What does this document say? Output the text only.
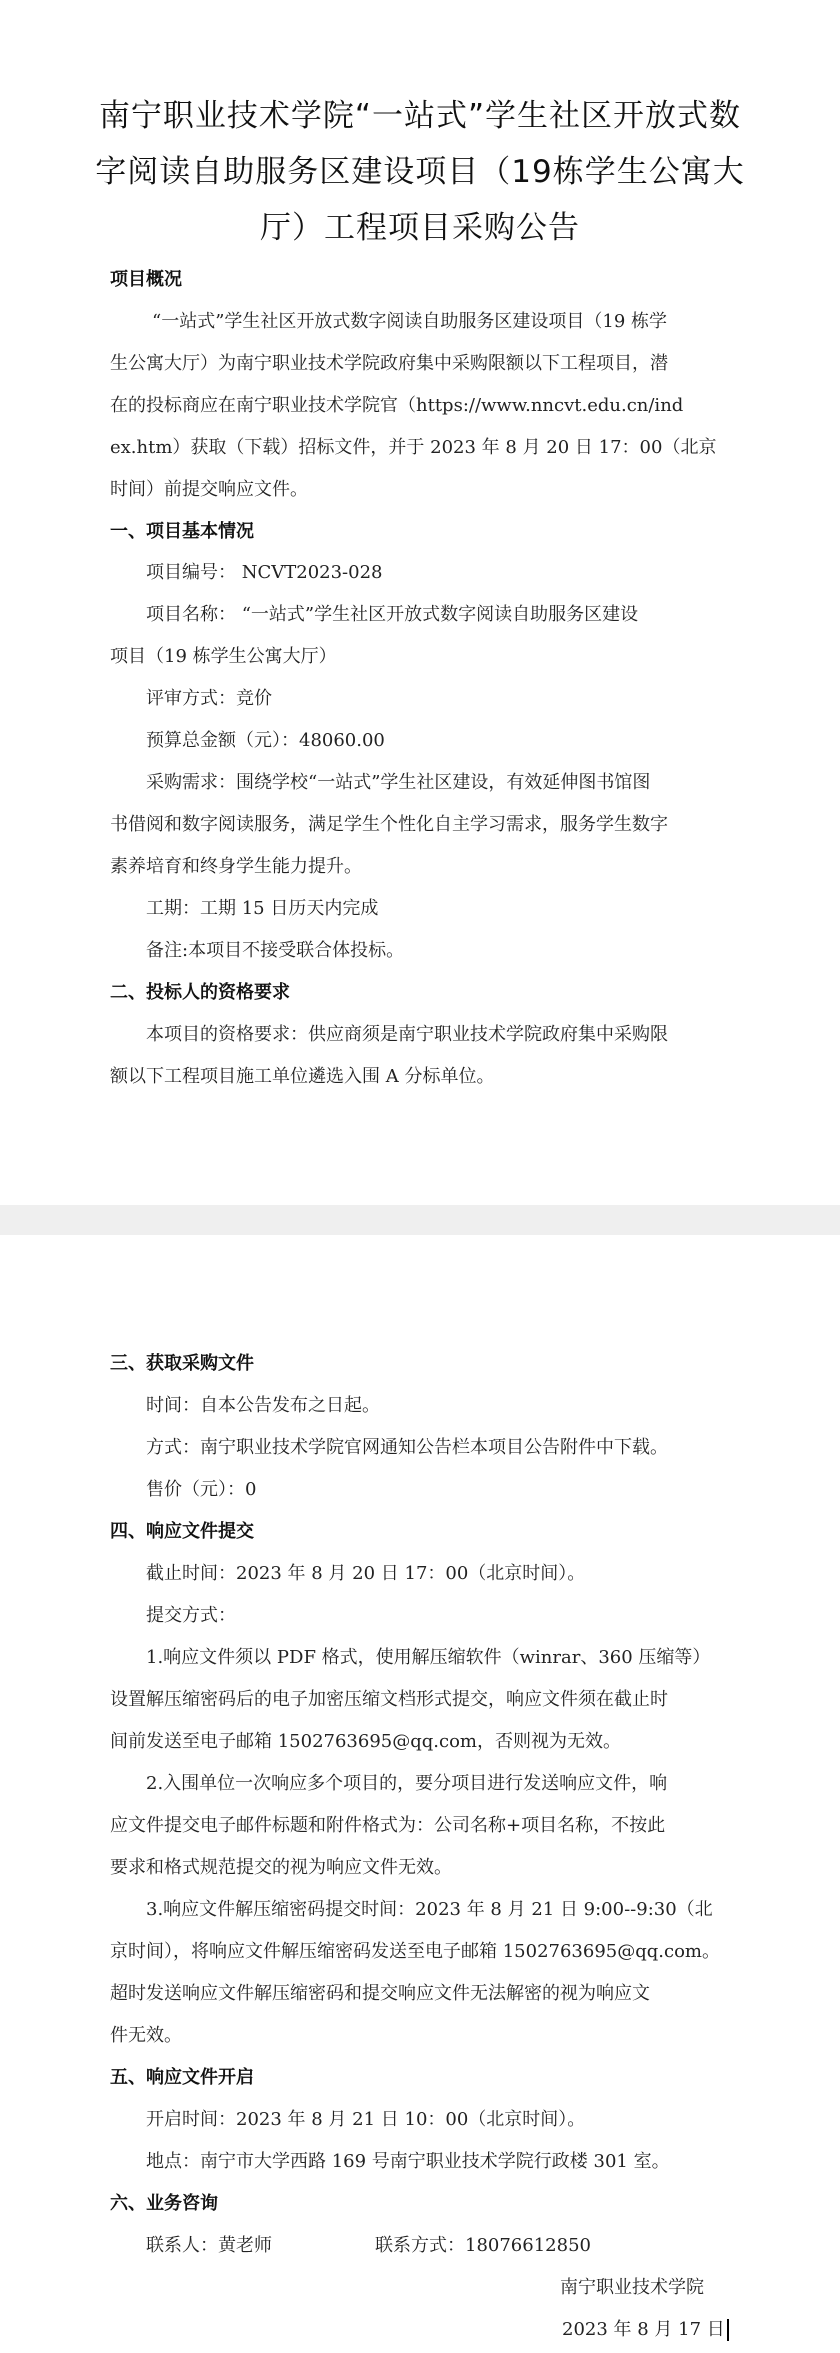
南宁职业技术学院“一站式”学生社区开放式数字阅读自助服务区建设项目（19栋学生公寓大厅）工程项目采购公告
项目概况
“一站式”学生社区开放式数字阅读自助服务区建设项目（19 栋学
生公寓大厅）为南宁职业技术学院政府集中采购限额以下工程项目，潜
在的投标商应在南宁职业技术学院官（https://www.nncvt.edu.cn/ind
ex.htm）获取（下载）招标文件，并于 2023 年 8 月 20 日 17：00（北京
时间）前提交响应文件。
一、项目基本情况
项目编号： NCVT2023-028
项目名称： “一站式”学生社区开放式数字阅读自助服务区建设
项目（19 栋学生公寓大厅）
评审方式：竞价
预算总金额（元）：48060.00
采购需求：围绕学校“一站式”学生社区建设，有效延伸图书馆图
书借阅和数字阅读服务，满足学生个性化自主学习需求，服务学生数字
素养培育和终身学生能力提升。
工期：工期 15 日历天内完成
备注:本项目不接受联合体投标。
二、投标人的资格要求
本项目的资格要求：供应商须是南宁职业技术学院政府集中采购限
额以下工程项目施工单位遴选入围 A 分标单位。
三、获取采购文件
时间：自本公告发布之日起。
方式：南宁职业技术学院官网通知公告栏本项目公告附件中下载。
售价（元）：0
四、响应文件提交
截止时间：2023 年 8 月 20 日 17：00（北京时间）。
提交方式：
1.响应文件须以 PDF 格式，使用解压缩软件（winrar、360 压缩等）
设置解压缩密码后的电子加密压缩文档形式提交，响应文件须在截止时
间前发送至电子邮箱 1502763695@qq.com，否则视为无效。
2.入围单位一次响应多个项目的，要分项目进行发送响应文件，响
应文件提交电子邮件标题和附件格式为：公司名称+项目名称，不按此
要求和格式规范提交的视为响应文件无效。
3.响应文件解压缩密码提交时间：2023 年 8 月 21 日 9:00--9:30（北
京时间），将响应文件解压缩密码发送至电子邮箱 1502763695@qq.com。
超时发送响应文件解压缩密码和提交响应文件无法解密的视为响应文
件无效。
五、响应文件开启
开启时间：2023 年 8 月 21 日 10：00（北京时间）。
地点：南宁市大学西路 169 号南宁职业技术学院行政楼 301 室。
六、业务咨询
联系人：黄老师	联系方式：18076612850
南宁职业技术学院
2023 年 8 月 17 日
